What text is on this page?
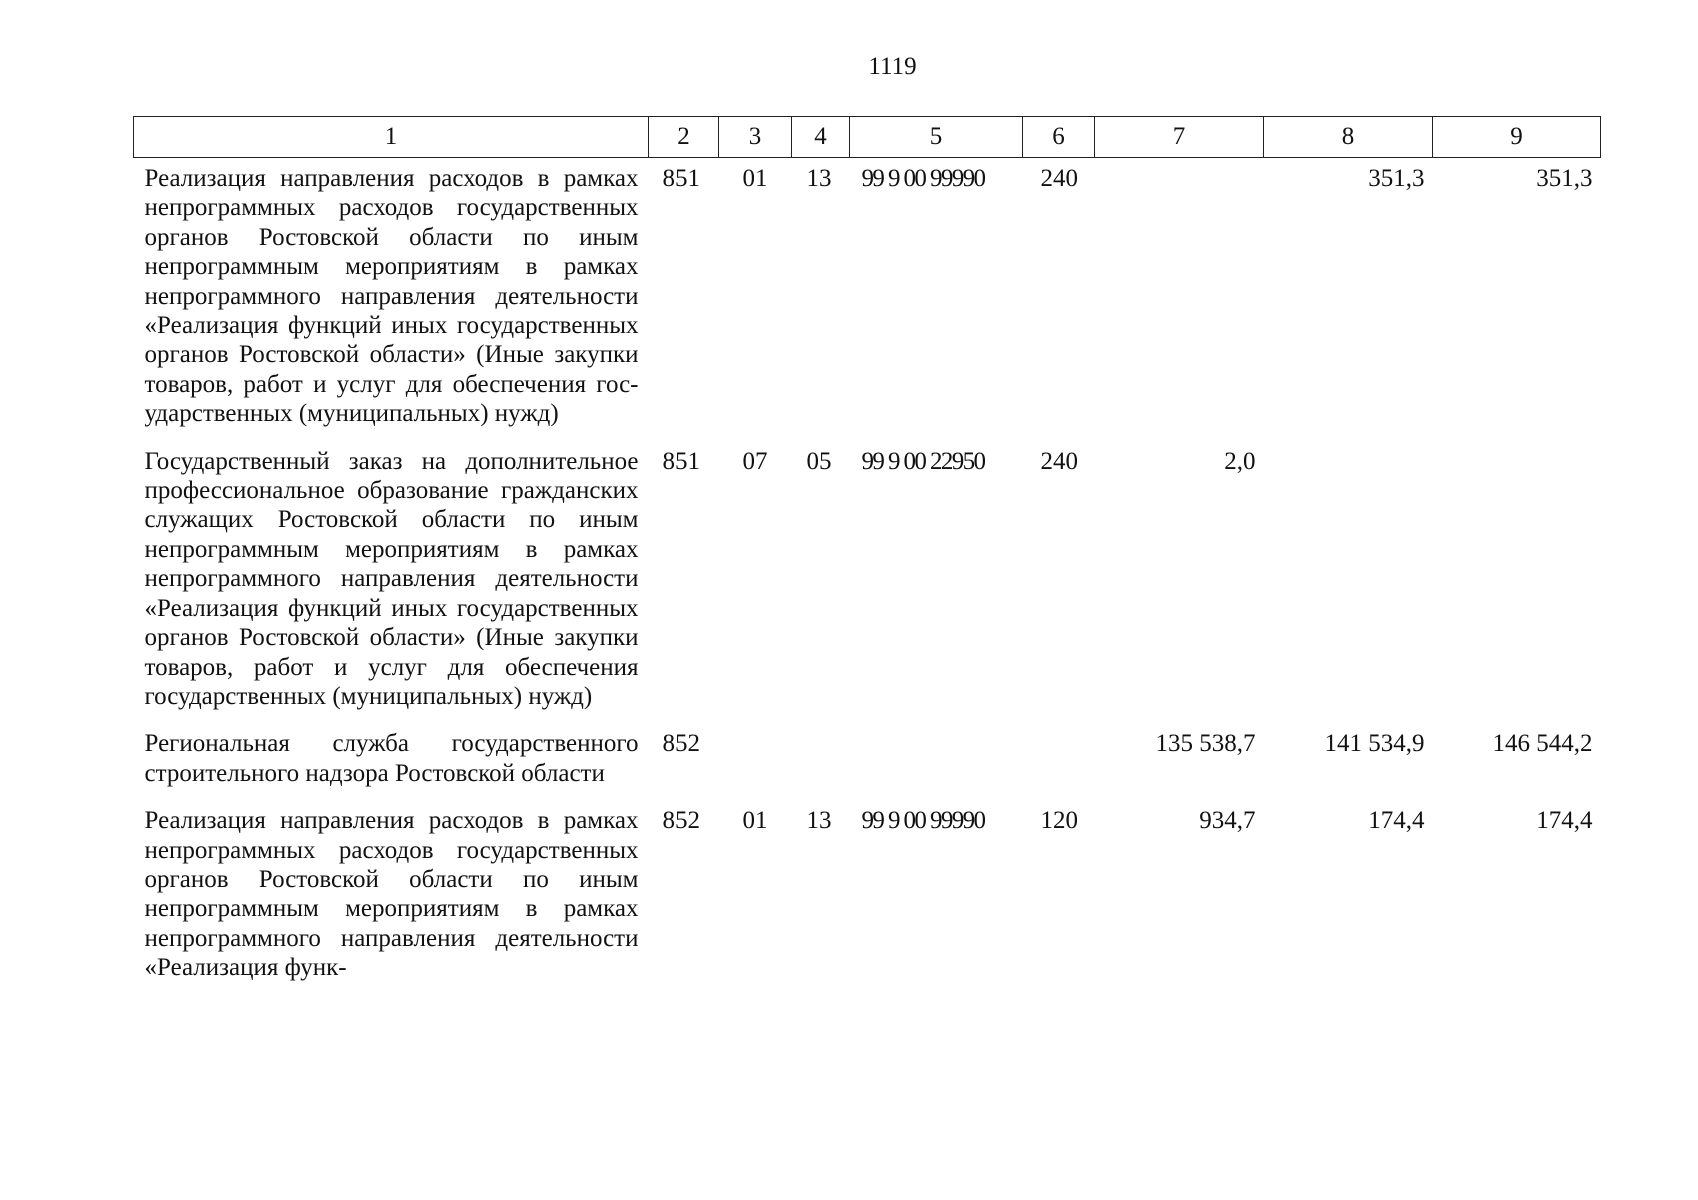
1119
1	2	3	4	5	6	7	8	9
Реализация направления расходов в рамках непрограммных расходов государственных органов Ростовской области по иным непрограммным мероприятиям в рамках непрограммного направления деятельности «Реализация функций иных государственных органов Ростовской области» (Иные закупки товаров, работ и услуг для обеспечения государственных (муниципальных) нужд)	851	01	13	99 9 00 99990	240		351,3	351,3
Государственный заказ на дополнительное профессиональное образование гражданских служащих Ростовской области по иным непрограммным мероприятиям в рамках непрограммного направления деятельности «Реализация функций иных государственных органов Ростовской области» (Иные закупки товаров, работ и услуг для обеспечения государственных (муниципальных) нужд)	851	07	05	99 9 00 22950	240	2,0		
Региональная служба государственного строительного надзора Ростовской области	852					135 538,7	141 534,9	146 544,2
Реализация направления расходов в рамках непрограммных расходов государственных органов Ростовской области по иным непрограммным мероприятиям в рамках непрограммного направления деятельности «Реализация функ-	852	01	13	99 9 00 99990	120	934,7	174,4	174,4
